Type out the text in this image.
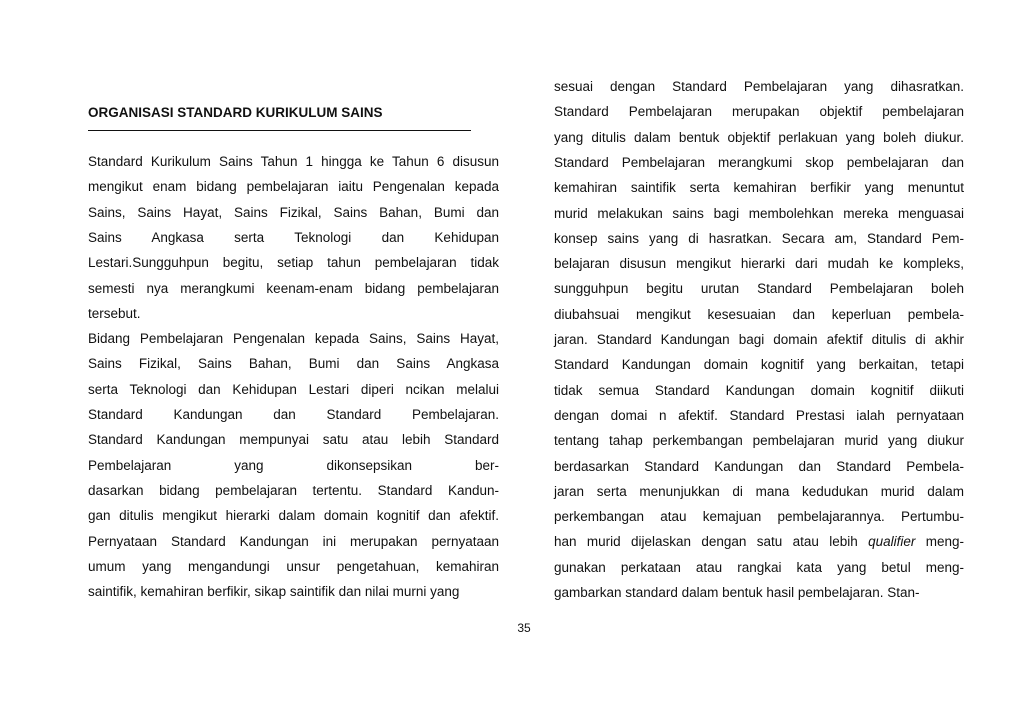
ORGANISASI STANDARD KURIKULUM SAINS
Standard Kurikulum Sains Tahun 1 hingga ke Tahun 6 disusun
mengikut enam bidang pembelajaran iaitu Pengenalan kepada
Sains, Sains Hayat, Sains Fizikal, Sains Bahan, Bumi dan
Sains Angkasa serta Teknologi dan Kehidupan
Lestari.Sungguhpun begitu, setiap tahun pembelajaran tidak
semesti nya merangkumi keenam-enam bidang pembelajaran
tersebut.
Bidang Pembelajaran Pengenalan kepada Sains, Sains Hayat,
Sains Fizikal, Sains Bahan, Bumi dan Sains Angkasa
serta Teknologi dan Kehidupan Lestari diperi ncikan melalui
Standard Kandungan dan Standard Pembelajaran.
Standard Kandungan mempunyai satu atau lebih Standard
Pembelajaran yang dikonsepsikan ber-
dasarkan bidang pembelajaran tertentu. Standard Kandun-
gan ditulis mengikut hierarki dalam domain kognitif dan afektif.
Pernyataan Standard Kandungan ini merupakan pernyataan
umum yang mengandungi unsur pengetahuan, kemahiran
saintifik, kemahiran berfikir, sikap saintifik dan nilai murni yang
sesuai dengan Standard Pembelajaran yang dihasratkan.
Standard Pembelajaran merupakan objektif pembelajaran
yang ditulis dalam bentuk objektif perlakuan yang boleh diukur.
Standard Pembelajaran merangkumi skop pembelajaran dan
kemahiran saintifik serta kemahiran berfikir yang menuntut
murid melakukan sains bagi membolehkan mereka menguasai
konsep sains yang di hasratkan. Secara am, Standard Pem-
belajaran disusun mengikut hierarki dari mudah ke kompleks,
sungguhpun begitu urutan Standard Pembelajaran boleh
diubahsuai mengikut kesesuaian dan keperluan pembela-
jaran. Standard Kandungan bagi domain afektif ditulis di akhir
Standard Kandungan domain kognitif yang berkaitan, tetapi
tidak semua Standard Kandungan domain kognitif diikuti
dengan domai n afektif. Standard Prestasi ialah pernyataan
tentang tahap perkembangan pembelajaran murid yang diukur
berdasarkan Standard Kandungan dan Standard Pembela-
jaran serta menunjukkan di mana kedudukan murid dalam
perkembangan atau kemajuan pembelajarannya. Pertumbu-
han murid dijelaskan dengan satu atau lebih qualifier meng-
gunakan perkataan atau rangkai kata yang betul meng-
gambarkan standard dalam bentuk hasil pembelajaran. Stan-
35
